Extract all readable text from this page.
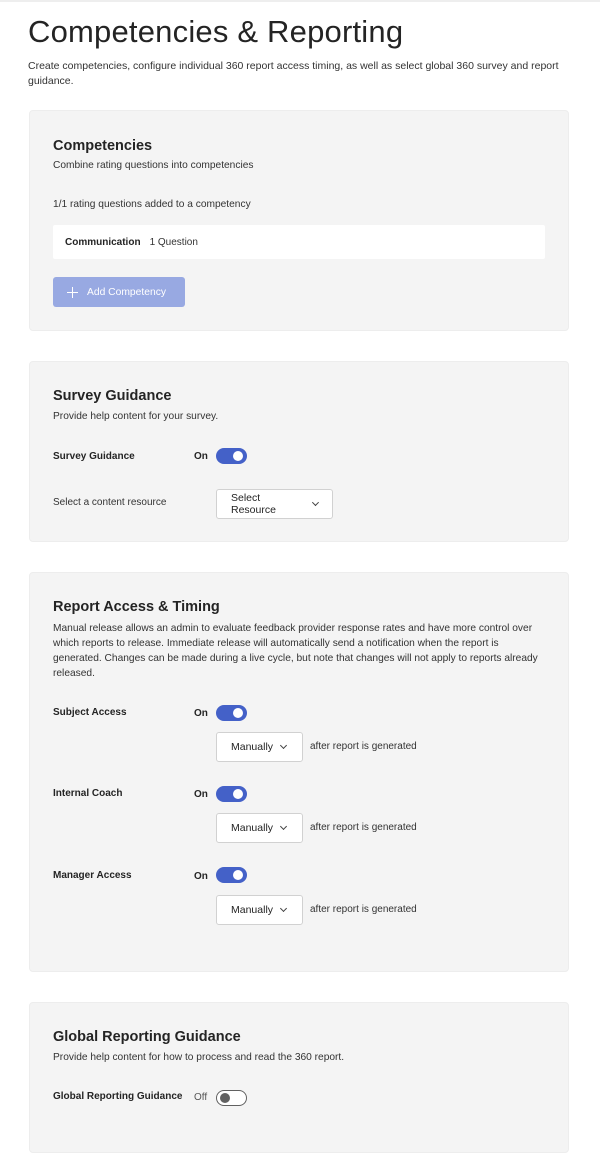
Competencies & Reporting

Create competencies, configure individual 360 report access timing, as well as select global 360 survey and report guidance.

Competencies
Combine rating questions into competencies
1/1 rating questions added to a competency
Communication 1 Question
Add Competency
Survey Guidance
Provide help content for your survey.
Survey Guidance	On
Select a content resource	Select Resource
Report Access & Timing
Manual release allows an admin to evaluate feedback provider response rates and have more control over which reports to release. Immediate release will automatically send a notification when the report is generated. Changes can be made during a live cycle, but note that changes will not apply to reports already released.
Subject Access	On
Manually	after report is generated
Internal Coach	On
Manually	after report is generated
Manager Access	On
Manually	after report is generated
Global Reporting Guidance
Provide help content for how to process and read the 360 report.
Global Reporting Guidance Off
